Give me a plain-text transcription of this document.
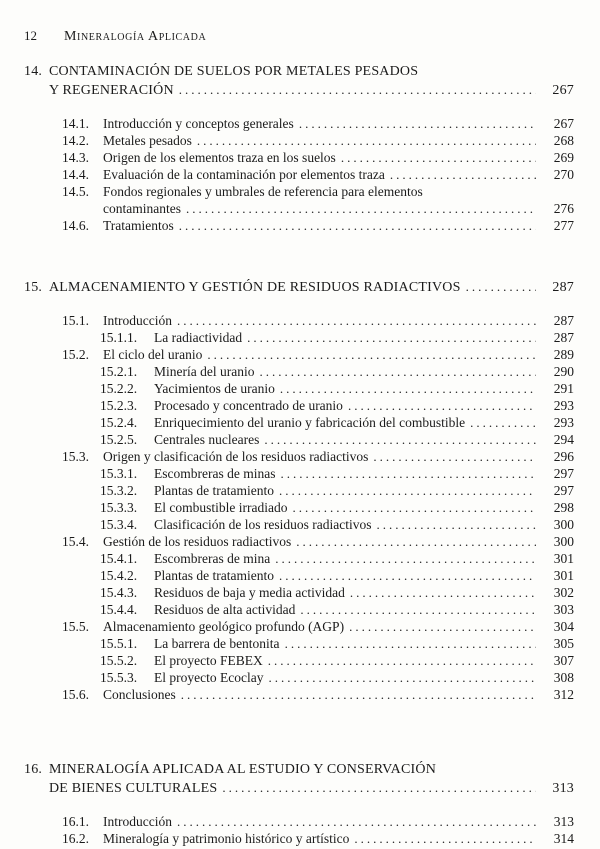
12	Mineralogía Aplicada
14. CONTAMINACIÓN DE SUELOS POR METALES PESADOS
Y REGENERACIÓN .....	267
14.1.	Introducción y conceptos generales .....	267
14.2.	Metales pesados .....	268
14.3.	Origen de los elementos traza en los suelos .....	269
14.4.	Evaluación de la contaminación por elementos traza .....	270
14.5.	Fondos regionales y umbrales de referencia para elementos
contaminantes .....	276
14.6.	Tratamientos .....	277
15. ALMACENAMIENTO Y GESTIÓN DE RESIDUOS RADIACTIVOS .....	287
15.1.	Introducción .....	287
15.1.1.	La radiactividad .....	287
15.2.	El ciclo del uranio .....	289
15.2.1.	Minería del uranio .....	290
15.2.2.	Yacimientos de uranio .....	291
15.2.3.	Procesado y concentrado de uranio .....	293
15.2.4.	Enriquecimiento del uranio y fabricación del combustible .....	293
15.2.5.	Centrales nucleares .....	294
15.3.	Origen y clasificación de los residuos radiactivos .....	296
15.3.1.	Escombreras de minas .....	297
15.3.2.	Plantas de tratamiento .....	297
15.3.3.	El combustible irradiado .....	298
15.3.4.	Clasificación de los residuos radiactivos .....	300
15.4.	Gestión de los residuos radiactivos .....	300
15.4.1.	Escombreras de mina .....	301
15.4.2.	Plantas de tratamiento .....	301
15.4.3.	Residuos de baja y media actividad .....	302
15.4.4.	Residuos de alta actividad .....	303
15.5.	Almacenamiento geológico profundo (AGP) .....	304
15.5.1.	La barrera de bentonita .....	305
15.5.2.	El proyecto FEBEX .....	307
15.5.3.	El proyecto Ecoclay .....	308
15.6.	Conclusiones .....	312
16. MINERALOGÍA APLICADA AL ESTUDIO Y CONSERVACIÓN
DE BIENES CULTURALES .....	313
16.1.	Introducción .....	313
16.2.	Mineralogía y patrimonio histórico y artístico .....	314
